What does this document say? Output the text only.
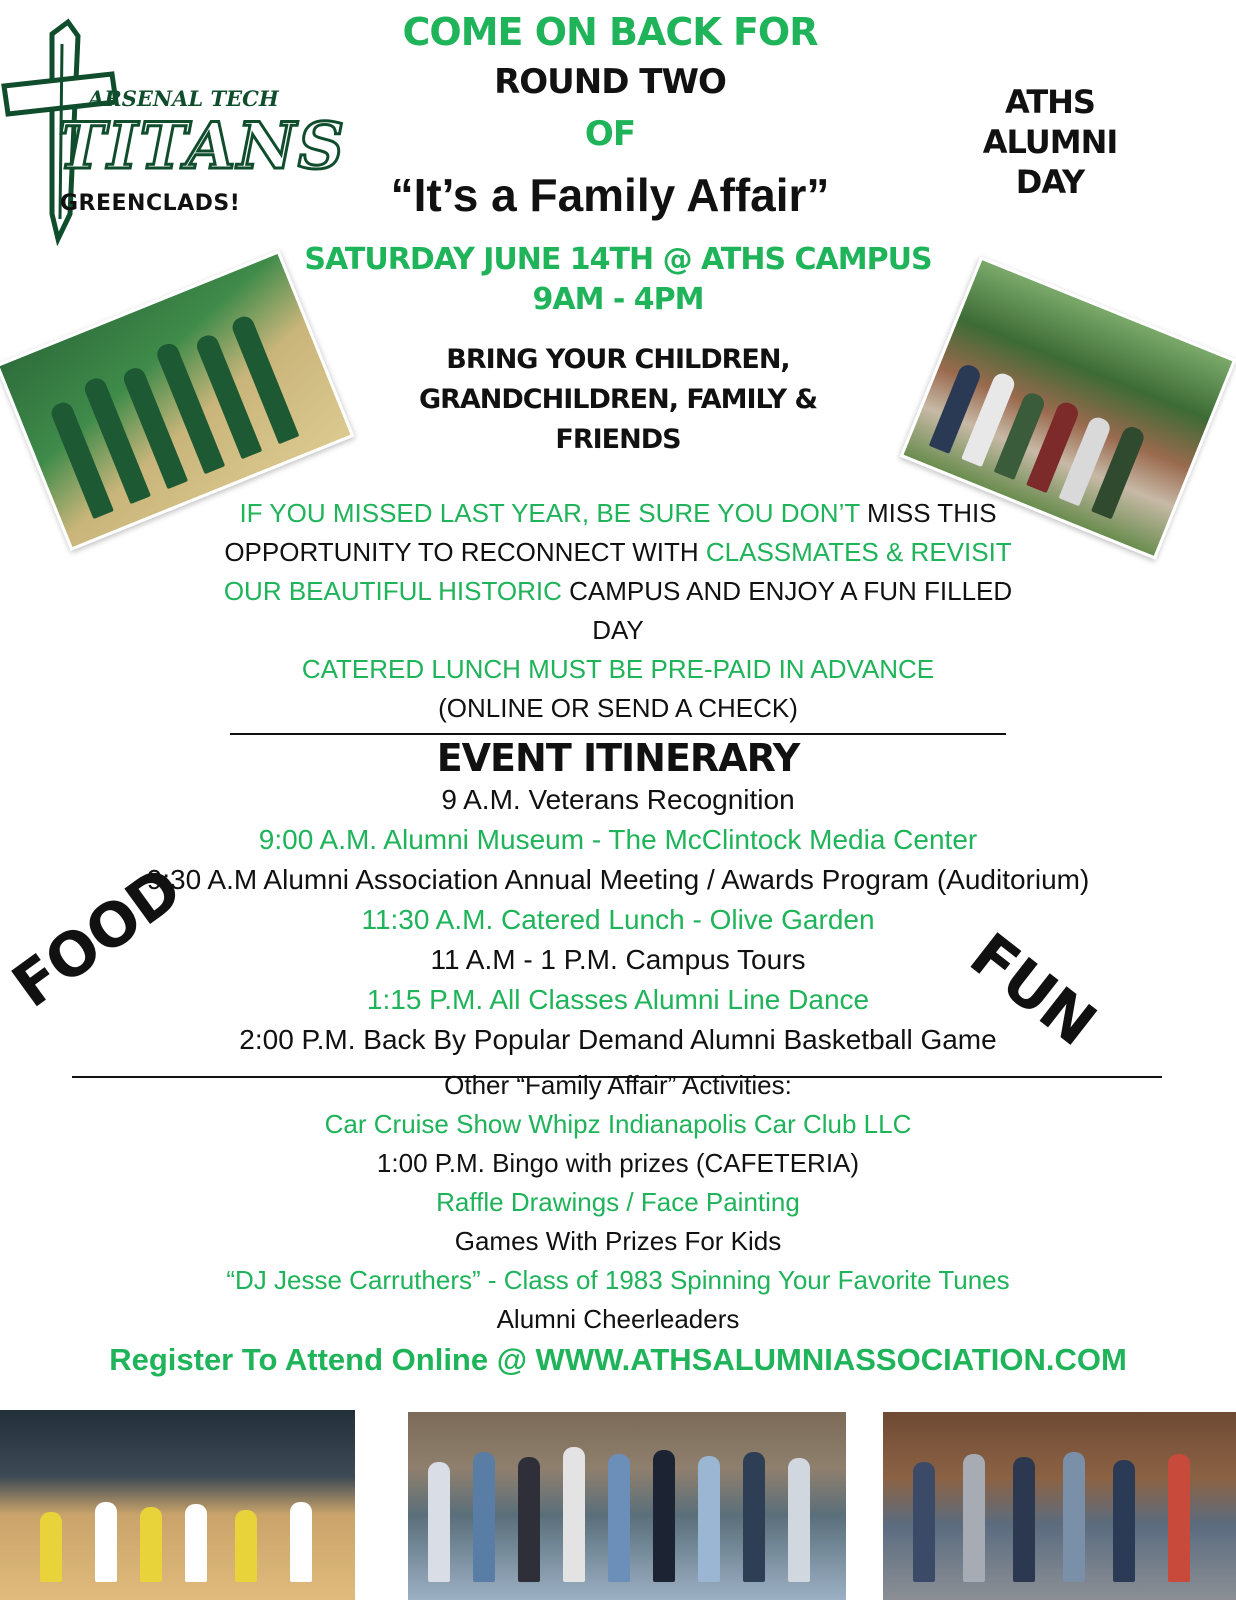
ARSENAL TECH
TITANS
GREENCLADS!
COME ON BACK FOR
ROUND TWO
OF
“It’s a Family Affair”
ATHS
ALUMNI
DAY
SATURDAY JUNE 14TH @ ATHS CAMPUS
9AM - 4PM
BRING YOUR CHILDREN,
GRANDCHILDREN, FAMILY &
FRIENDS
IF YOU MISSED LAST YEAR, BE SURE YOU DON’T MISS THIS
OPPORTUNITY TO RECONNECT WITH CLASSMATES & REVISIT
OUR BEAUTIFUL HISTORIC CAMPUS AND ENJOY A FUN FILLED
DAY
CATERED LUNCH MUST BE PRE-PAID IN ADVANCE
(ONLINE OR SEND A CHECK)
EVENT ITINERARY
9 A.M. Veterans Recognition
9:00 A.M. Alumni Museum - The McClintock Media Center
9:30 A.M Alumni Association Annual Meeting / Awards Program (Auditorium)
11:30 A.M. Catered Lunch - Olive Garden
11 A.M - 1 P.M. Campus Tours
1:15 P.M. All Classes Alumni Line Dance
2:00 P.M. Back By Popular Demand Alumni Basketball Game
FOOD	FUN
Other “Family Affair” Activities:
Car Cruise Show Whipz Indianapolis Car Club LLC
1:00 P.M. Bingo with prizes (CAFETERIA)
Raffle Drawings / Face Painting
Games With Prizes For Kids
“DJ Jesse Carruthers” - Class of 1983 Spinning Your Favorite Tunes
Alumni Cheerleaders
Register To Attend Online @ WWW.ATHSALUMNIASSOCIATION.COM
